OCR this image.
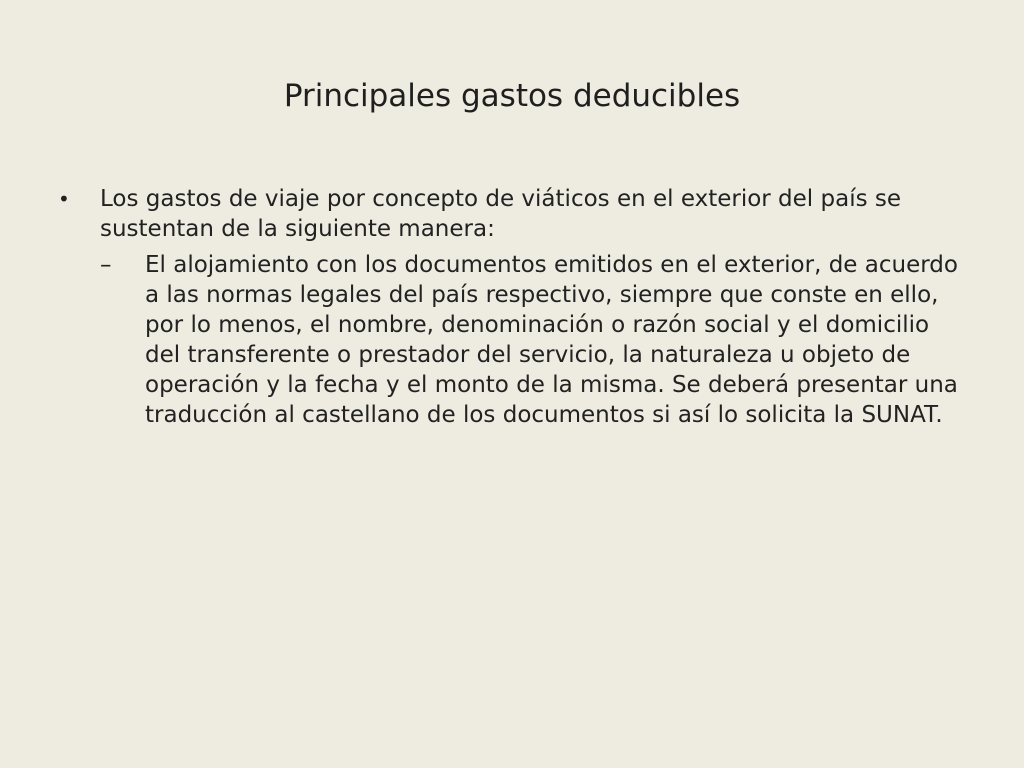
Principales gastos deducibles
•	Los gastos de viaje por concepto de viáticos en el exterior del país se sustentan de la siguiente manera:
–	El alojamiento con los documentos emitidos en el exterior, de acuerdo a las normas legales del país respectivo, siempre que conste en ello, por lo menos, el nombre, denominación o razón social y el domicilio del transferente o prestador del servicio, la naturaleza u objeto de operación y la fecha y el monto de la misma. Se deberá presentar una traducción al castellano de los documentos si así lo solicita la SUNAT.
